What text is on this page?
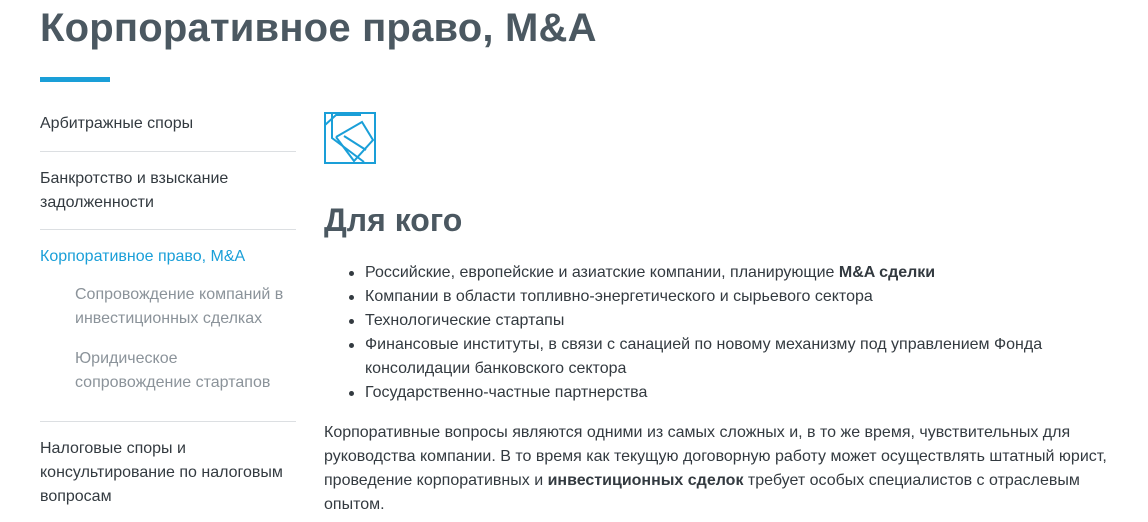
Корпоративное право, M&A
Арбитражные споры
Банкротство и взыскание
задолженности
Корпоративное право, M&A
Сопровождение компаний в
инвестиционных сделках
Юридическое
сопровождение стартапов
Налоговые споры и
консультирование по налоговым
вопросам
Для кого
Российские, европейские и азиатские компании, планирующие M&A сделки
Компании в области топливно-энергетического и сырьевого сектора
Технологические стартапы
Финансовые институты, в связи с санацией по новому механизму под управлением Фонда
консолидации банковского сектора
Государственно-частные партнерства

Корпоративные вопросы являются одними из самых сложных и, в то же время, чувствительных для
руководства компании. В то время как текущую договорную работу может осуществлять штатный юрист,
проведение корпоративных и инвестиционных сделок требует особых специалистов с отраслевым
опытом.
